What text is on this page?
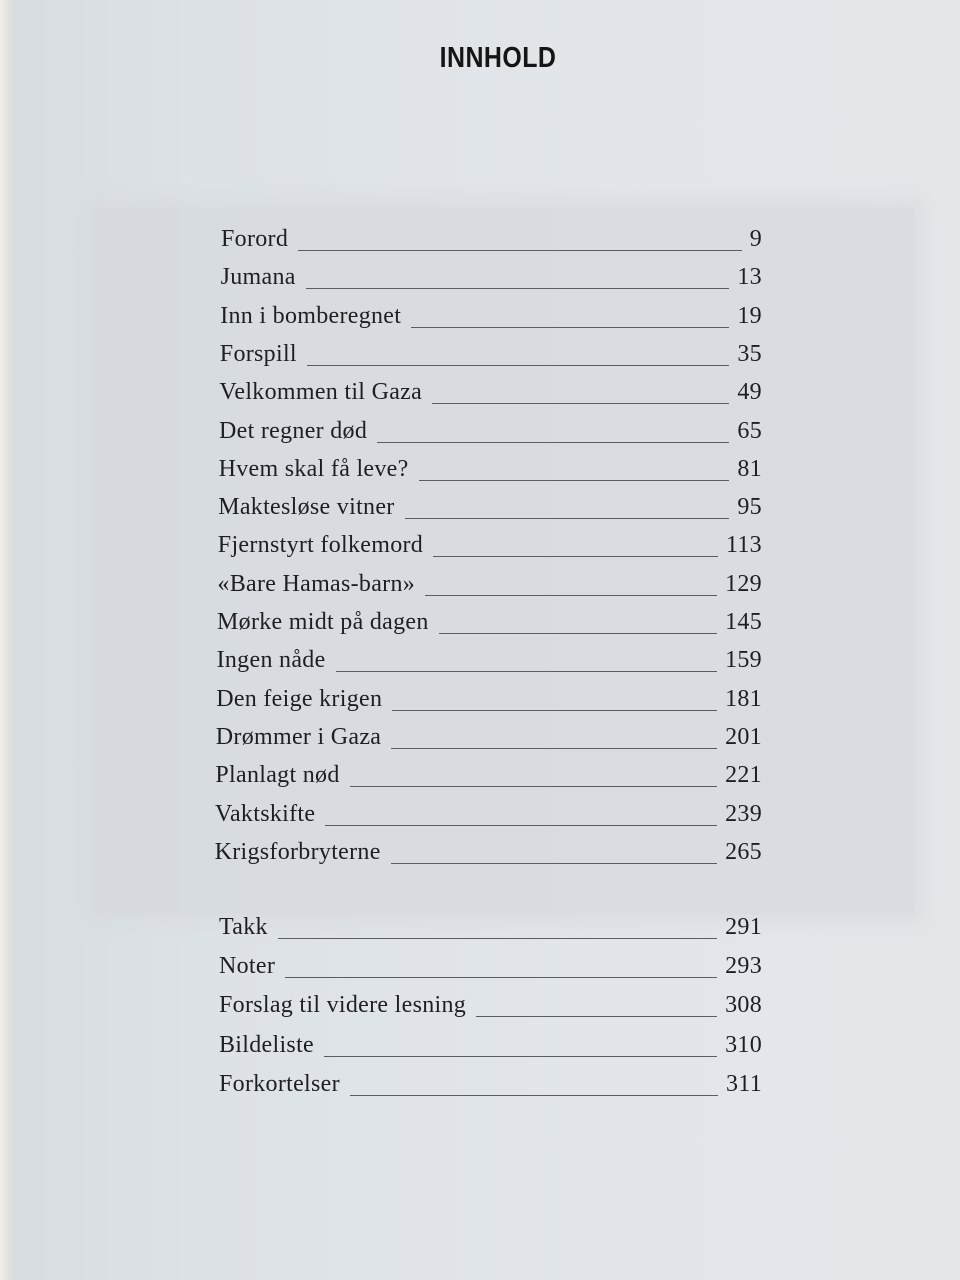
INNHOLD
Forord	9
Jumana	13
Inn i bomberegnet	19
Forspill	35
Velkommen til Gaza	49
Det regner død	65
Hvem skal få leve?	81
Maktesløse vitner	95
Fjernstyrt folkemord	113
«Bare Hamas-barn»	129
Mørke midt på dagen	145
Ingen nåde	159
Den feige krigen	181
Drømmer i Gaza	201
Planlagt nød	221
Vaktskifte	239
Krigsforbryterne	265
Takk	291
Noter	293
Forslag til videre lesning	308
Bildeliste	310
Forkortelser	311
